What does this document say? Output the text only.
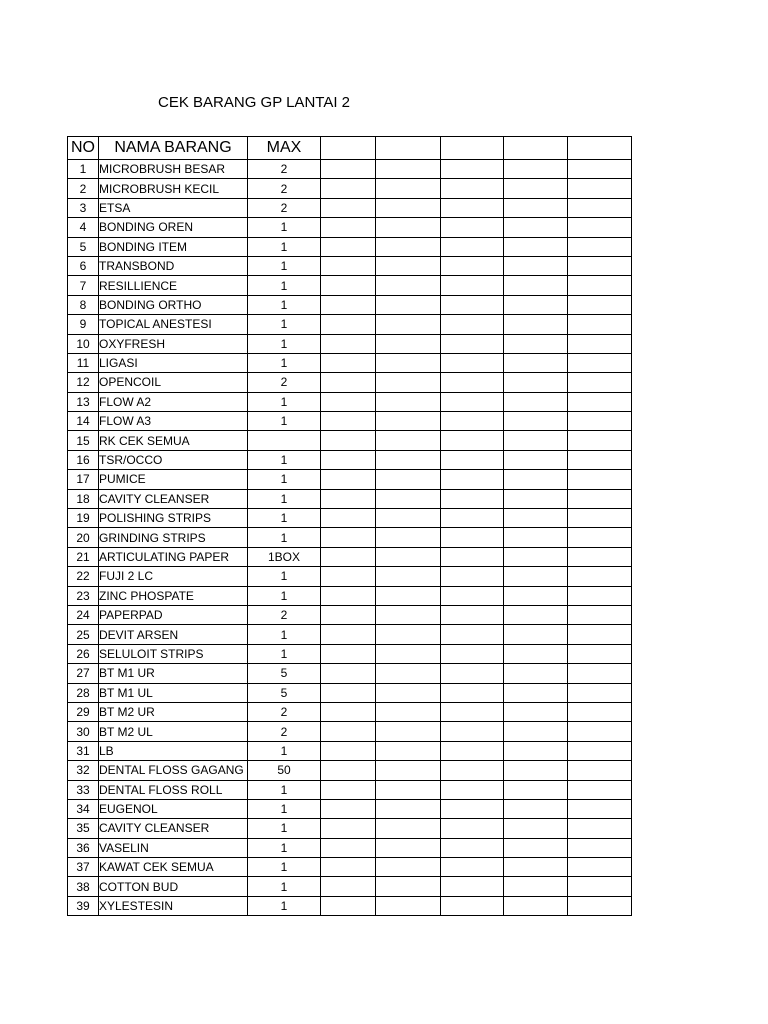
CEK BARANG GP LANTAI 2
NO	NAMA BARANG	MAX					
1	MICROBRUSH BESAR	2					
2	MICROBRUSH KECIL	2					
3	ETSA	2					
4	BONDING OREN	1					
5	BONDING ITEM	1					
6	TRANSBOND	1					
7	RESILLIENCE	1					
8	BONDING ORTHO	1					
9	TOPICAL ANESTESI	1					
10	OXYFRESH	1					
11	LIGASI	1					
12	OPENCOIL	2					
13	FLOW A2	1					
14	FLOW A3	1					
15	RK CEK SEMUA						
16	TSR/OCCO	1					
17	PUMICE	1					
18	CAVITY CLEANSER	1					
19	POLISHING STRIPS	1					
20	GRINDING STRIPS	1					
21	ARTICULATING PAPER	1BOX					
22	FUJI 2 LC	1					
23	ZINC PHOSPATE	1					
24	PAPERPAD	2					
25	DEVIT ARSEN	1					
26	SELULOIT STRIPS	1					
27	BT M1 UR	5					
28	BT M1 UL	5					
29	BT M2 UR	2					
30	BT M2 UL	2					
31	LB	1					
32	DENTAL FLOSS GAGANG	50					
33	DENTAL FLOSS ROLL	1					
34	EUGENOL	1					
35	CAVITY CLEANSER	1					
36	VASELIN	1					
37	KAWAT CEK SEMUA	1					
38	COTTON BUD	1					
39	XYLESTESIN	1					
